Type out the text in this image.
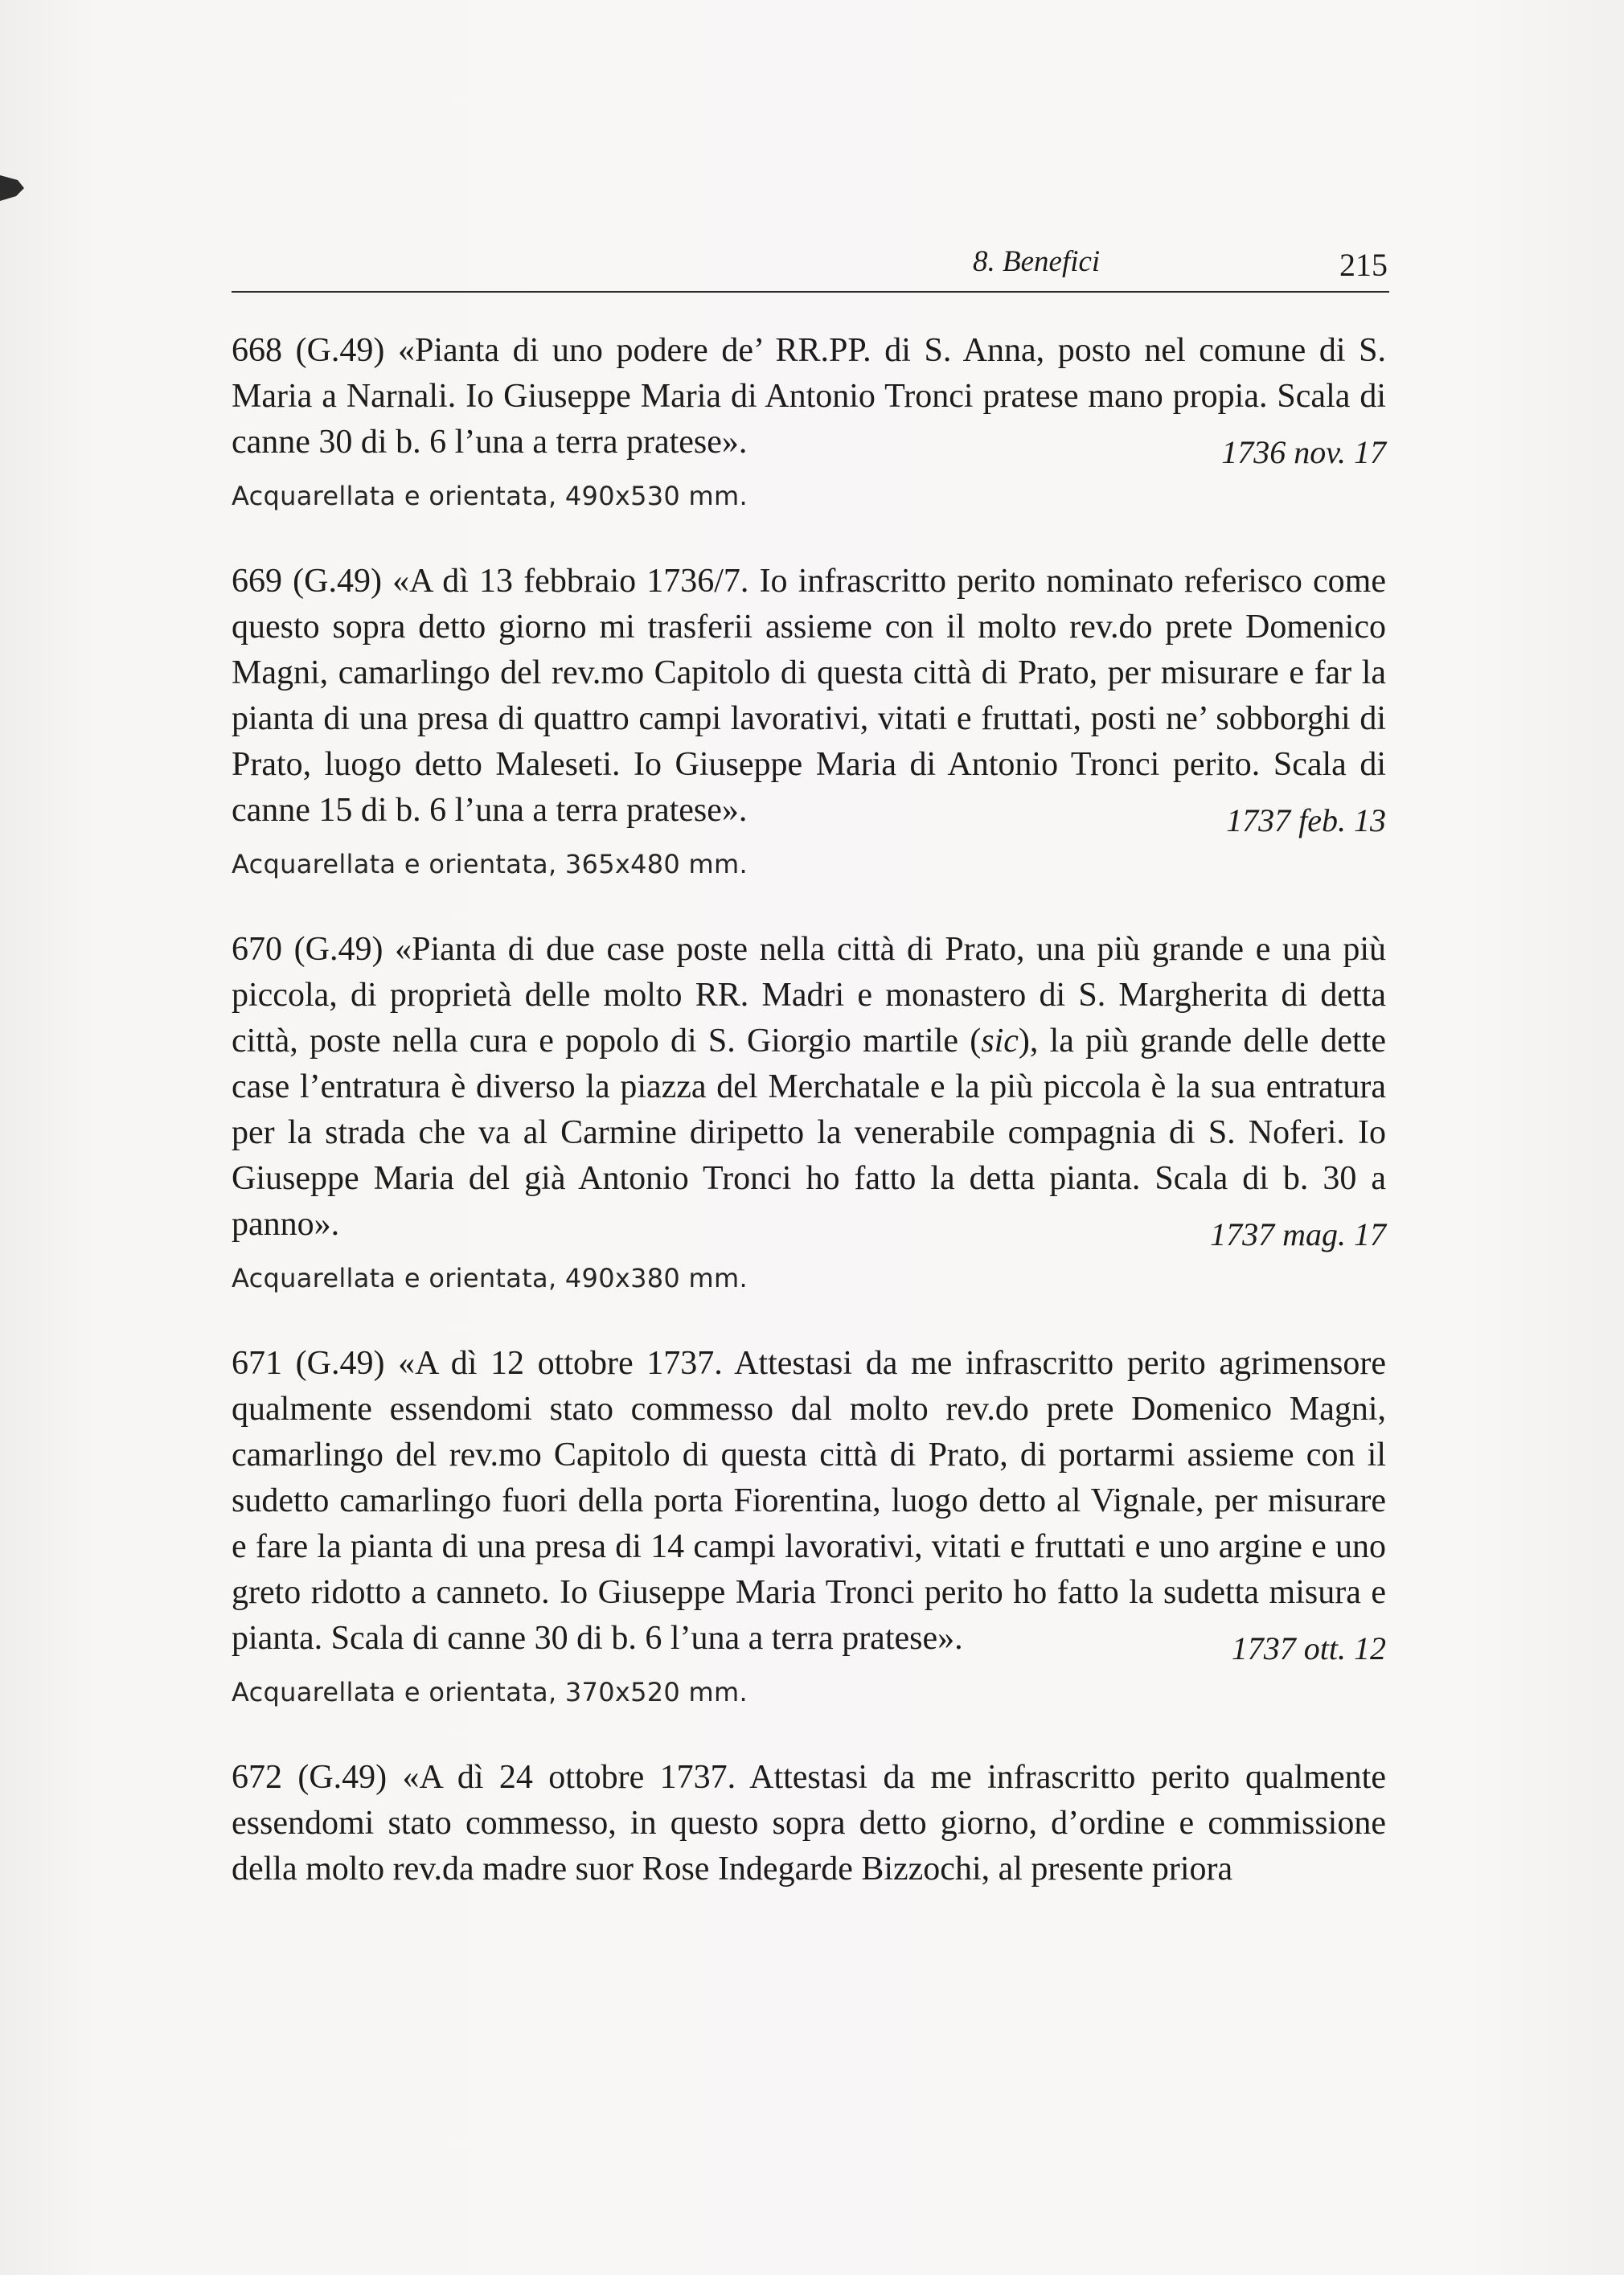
8. Benefici	215

668 (G.49) «Pianta di uno podere de’ RR.PP. di S. Anna, posto nel comune di S. Maria a Narnali. Io Giuseppe Maria di Antonio Tronci pratese mano propia. Scala di canne 30 di b. 6 l’una a terra pratese».	1736 nov. 17

Acquarellata e orientata, 490x530 mm.

669 (G.49) «A dì 13 febbraio 1736/7. Io infrascritto perito nominato referisco come questo sopra detto giorno mi trasferii assieme con il molto rev.do prete Domenico Magni, camarlingo del rev.mo Capitolo di questa città di Prato, per misurare e far la pianta di una presa di quattro campi lavorativi, vitati e fruttati, posti ne’ sobborghi di Prato, luogo detto Maleseti. Io Giuseppe Maria di Antonio Tronci perito. Scala di canne 15 di b. 6 l’una a terra pratese».	1737 feb. 13

Acquarellata e orientata, 365x480 mm.

670 (G.49) «Pianta di due case poste nella città di Prato, una più grande e una più piccola, di proprietà delle molto RR. Madri e monastero di S. Margherita di detta città, poste nella cura e popolo di S. Giorgio martile (sic), la più grande delle dette case l’entratura è diverso la piazza del Merchatale e la più piccola è la sua entratura per la strada che va al Carmine diripetto la venerabile compagnia di S. Noferi. Io Giuseppe Maria del già Antonio Tronci ho fatto la detta pianta. Scala di b. 30 a panno».	1737 mag. 17

Acquarellata e orientata, 490x380 mm.

671 (G.49) «A dì 12 ottobre 1737. Attestasi da me infrascritto perito agrimensore qualmente essendomi stato commesso dal molto rev.do prete Domenico Magni, camarlingo del rev.mo Capitolo di questa città di Prato, di portarmi assieme con il sudetto camarlingo fuori della porta Fiorentina, luogo detto al Vignale, per misurare e fare la pianta di una presa di 14 campi lavorativi, vitati e fruttati e uno argine e uno greto ridotto a canneto. Io Giuseppe Maria Tronci perito ho fatto la sudetta misura e pianta. Scala di canne 30 di b. 6 l’una a terra pratese».	1737 ott. 12

Acquarellata e orientata, 370x520 mm.

672 (G.49) «A dì 24 ottobre 1737. Attestasi da me infrascritto perito qualmente essendomi stato commesso, in questo sopra detto giorno, d’ordine e commissione della molto rev.da madre suor Rose Indegarde Bizzochi, al presente priora
